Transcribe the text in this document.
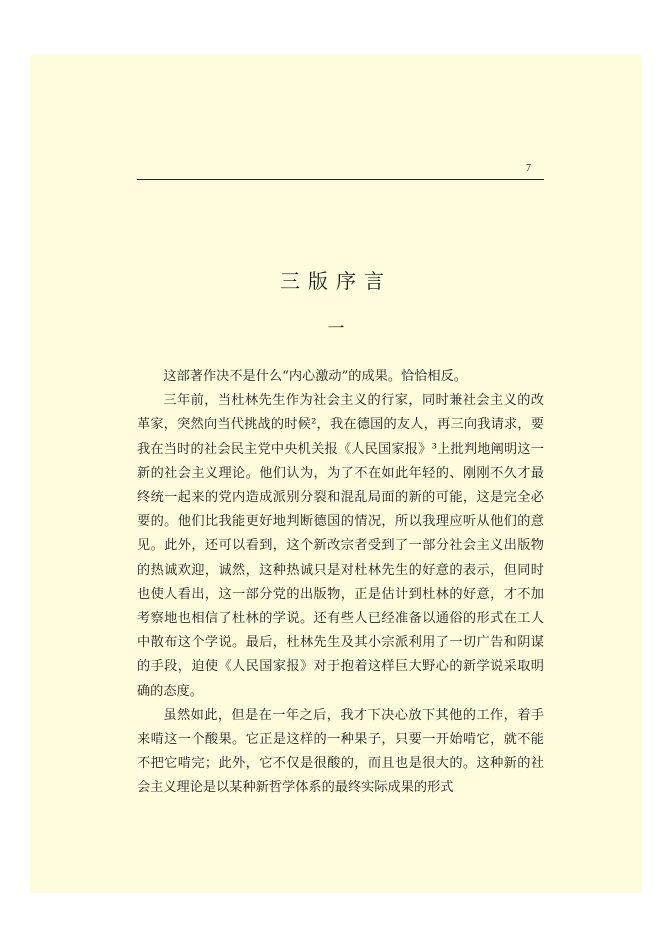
7
三版序言
一

这部著作决不是什么“内心激动”的成果。恰恰相反。

三年前，当杜林先生作为社会主义的行家，同时兼社会主义的改革家，突然向当代挑战的时候²，我在德国的友人，再三向我请求，要我在当时的社会民主党中央机关报《人民国家报》³上批判地阐明这一新的社会主义理论。他们认为，为了不在如此年轻的、刚刚不久才最终统一起来的党内造成派别分裂和混乱局面的新的可能，这是完全必要的。他们比我能更好地判断德国的情况，所以我理应听从他们的意见。此外，还可以看到，这个新改宗者受到了一部分社会主义出版物的热诚欢迎，诚然，这种热诚只是对杜林先生的好意的表示，但同时也使人看出，这一部分党的出版物，正是估计到杜林的好意，才不加考察地也相信了杜林的学说。还有些人已经准备以通俗的形式在工人中散布这个学说。最后，杜林先生及其小宗派利用了一切广告和阴谋的手段，迫使《人民国家报》对于抱着这样巨大野心的新学说采取明确的态度。

虽然如此，但是在一年之后，我才下决心放下其他的工作，着手来啃这一个酸果。它正是这样的一种果子，只要一开始啃它，就不能不把它啃完；此外，它不仅是很酸的，而且也是很大的。这种新的社会主义理论是以某种新哲学体系的最终实际成果的形式
